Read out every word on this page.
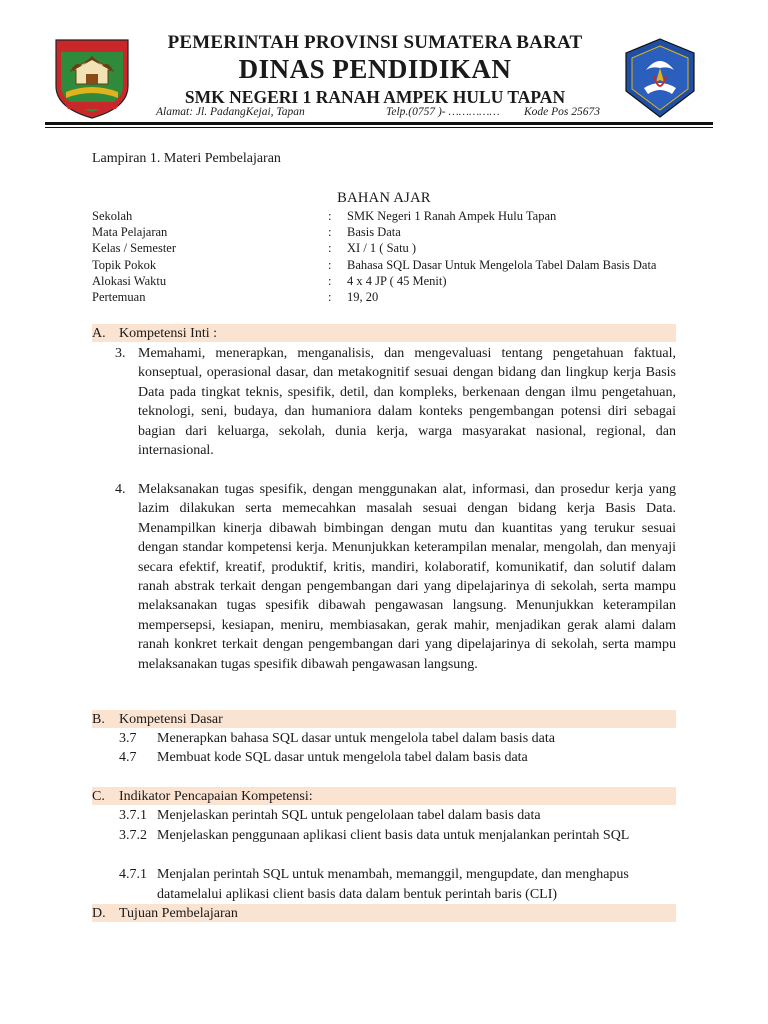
PEMERINTAH PROVINSI SUMATERA BARAT
DINAS PENDIDIKAN
SMK NEGERI 1 RANAH AMPEK HULU TAPAN
Alamat: Jl. PadangKejai, Tapan	Telp.(0757 )- …………… Kode Pos 25673
Lampiran 1. Materi Pembelajaran
BAHAN AJAR
Sekolah	: SMK Negeri 1 Ranah Ampek Hulu Tapan
Mata Pelajaran	: Basis Data
Kelas / Semester	: XI / 1 ( Satu )
Topik Pokok	: Bahasa SQL Dasar Untuk Mengelola Tabel Dalam Basis Data
Alokasi Waktu	: 4 x 4 JP ( 45 Menit)
Pertemuan	: 19, 20
A. Kompetensi Inti :
3. Memahami, menerapkan, menganalisis, dan mengevaluasi tentang pengetahuan faktual, konseptual, operasional dasar, dan metakognitif sesuai dengan bidang dan lingkup kerja Basis Data pada tingkat teknis, spesifik, detil, dan kompleks, berkenaan dengan ilmu pengetahuan, teknologi, seni, budaya, dan humaniora dalam konteks pengembangan potensi diri sebagai bagian dari keluarga, sekolah, dunia kerja, warga masyarakat nasional, regional, dan internasional.
4. Melaksanakan tugas spesifik, dengan menggunakan alat, informasi, dan prosedur kerja yang lazim dilakukan serta memecahkan masalah sesuai dengan bidang kerja Basis Data. Menampilkan kinerja dibawah bimbingan dengan mutu dan kuantitas yang terukur sesuai dengan standar kompetensi kerja. Menunjukkan keterampilan menalar, mengolah, dan menyaji secara efektif, kreatif, produktif, kritis, mandiri, kolaboratif, komunikatif, dan solutif dalam ranah abstrak terkait dengan pengembangan dari yang dipelajarinya di sekolah, serta mampu melaksanakan tugas spesifik dibawah pengawasan langsung. Menunjukkan keterampilan mempersepsi, kesiapan, meniru, membiasakan, gerak mahir, menjadikan gerak alami dalam ranah konkret terkait dengan pengembangan dari yang dipelajarinya di sekolah, serta mampu melaksanakan tugas spesifik dibawah pengawasan langsung.
B. Kompetensi Dasar
3.7 Menerapkan bahasa SQL dasar untuk mengelola tabel dalam basis data
4.7 Membuat kode SQL dasar untuk mengelola tabel dalam basis data
C. Indikator Pencapaian Kompetensi:
3.7.1 Menjelaskan perintah SQL untuk pengelolaan tabel dalam basis data
3.7.2 Menjelaskan penggunaan aplikasi client basis data untuk menjalankan perintah SQL
4.7.1 Menjalan perintah SQL untuk menambah, memanggil, mengupdate, dan menghapus datamelalui aplikasi client basis data dalam bentuk perintah baris (CLI)
D. Tujuan Pembelajaran
